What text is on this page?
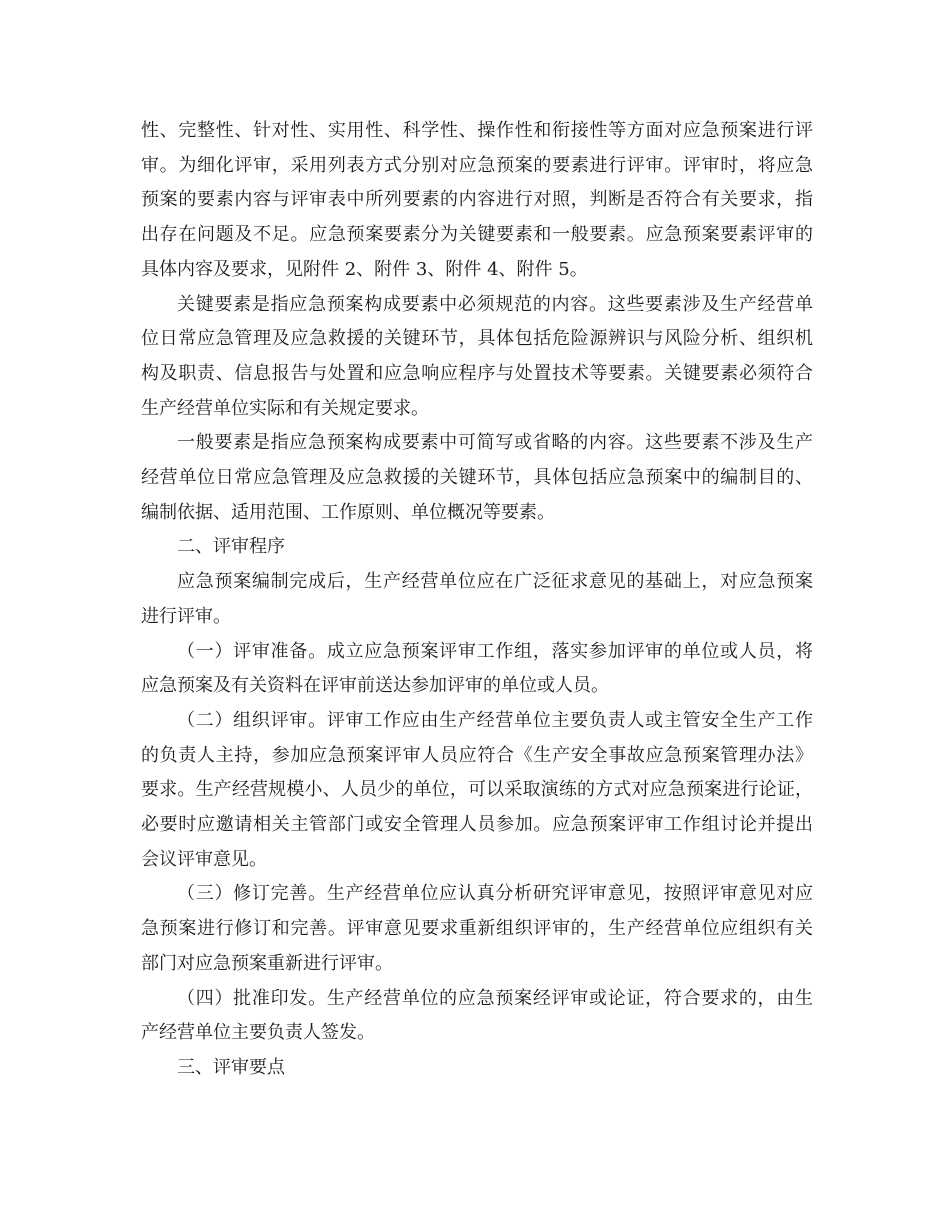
性、完整性、针对性、实用性、科学性、操作性和衔接性等方面对应急预案进行评
审。为细化评审，采用列表方式分别对应急预案的要素进行评审。评审时，将应急
预案的要素内容与评审表中所列要素的内容进行对照，判断是否符合有关要求，指
出存在问题及不足。应急预案要素分为关键要素和一般要素。应急预案要素评审的
具体内容及要求，见附件 2、附件 3、附件 4、附件 5。

关键要素是指应急预案构成要素中必须规范的内容。这些要素涉及生产经营单
位日常应急管理及应急救援的关键环节，具体包括危险源辨识与风险分析、组织机
构及职责、信息报告与处置和应急响应程序与处置技术等要素。关键要素必须符合
生产经营单位实际和有关规定要求。

一般要素是指应急预案构成要素中可简写或省略的内容。这些要素不涉及生产
经营单位日常应急管理及应急救援的关键环节，具体包括应急预案中的编制目的、
编制依据、适用范围、工作原则、单位概况等要素。

二、评审程序

应急预案编制完成后，生产经营单位应在广泛征求意见的基础上，对应急预案
进行评审。

（一）评审准备。成立应急预案评审工作组，落实参加评审的单位或人员，将
应急预案及有关资料在评审前送达参加评审的单位或人员。

（二）组织评审。评审工作应由生产经营单位主要负责人或主管安全生产工作
的负责人主持，参加应急预案评审人员应符合《生产安全事故应急预案管理办法》
要求。生产经营规模小、人员少的单位，可以采取演练的方式对应急预案进行论证，
必要时应邀请相关主管部门或安全管理人员参加。应急预案评审工作组讨论并提出
会议评审意见。

（三）修订完善。生产经营单位应认真分析研究评审意见，按照评审意见对应
急预案进行修订和完善。评审意见要求重新组织评审的，生产经营单位应组织有关
部门对应急预案重新进行评审。

（四）批准印发。生产经营单位的应急预案经评审或论证，符合要求的，由生
产经营单位主要负责人签发。

三、评审要点
